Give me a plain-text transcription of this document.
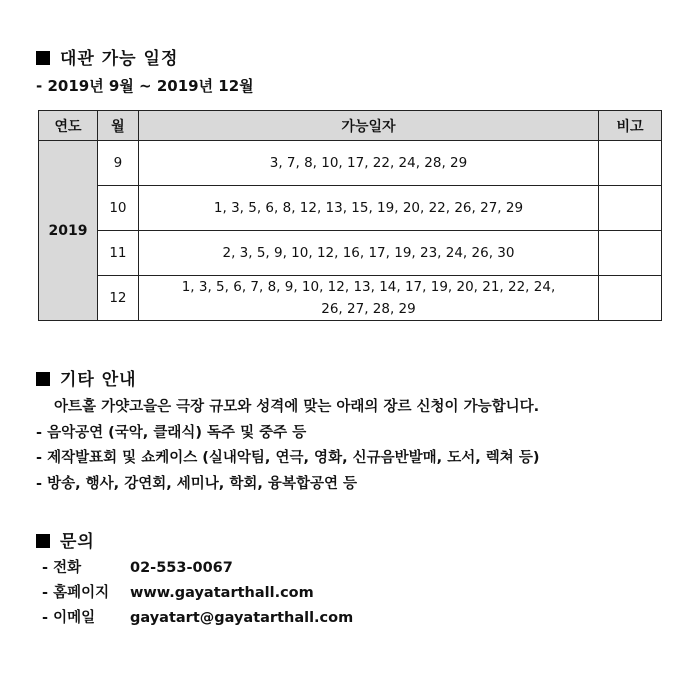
대관 가능 일정
- 2019년 9월 ~ 2019년 12월
연도	월	가능일자	비고
2019	9	3, 7, 8, 10, 17, 22, 24, 28, 29	
	10	1, 3, 5, 6, 8, 12, 13, 15, 19, 20, 22, 26, 27, 29	
	11	2, 3, 5, 9, 10, 12, 16, 17, 19, 23, 24, 26, 30	
	12	1, 3, 5, 6, 7, 8, 9, 10, 12, 13, 14, 17, 19, 20, 21, 22, 24,
26, 27, 28, 29	

기타 안내
아트홀 가얏고을은 극장 규모와 성격에 맞는 아래의 장르 신청이 가능합니다.
- 음악공연 (국악, 클래식) 독주 및 중주 등
- 제작발표회 및 쇼케이스 (실내악팀, 연극, 영화, 신규음반발매, 도서, 렉쳐 등)
- 방송, 행사, 강연회, 세미나, 학회, 융복합공연 등
문의
- 전화	02-553-0067
- 홈페이지 www.gayatarthall.com
- 이메일 gayatart@gayatarthall.com
